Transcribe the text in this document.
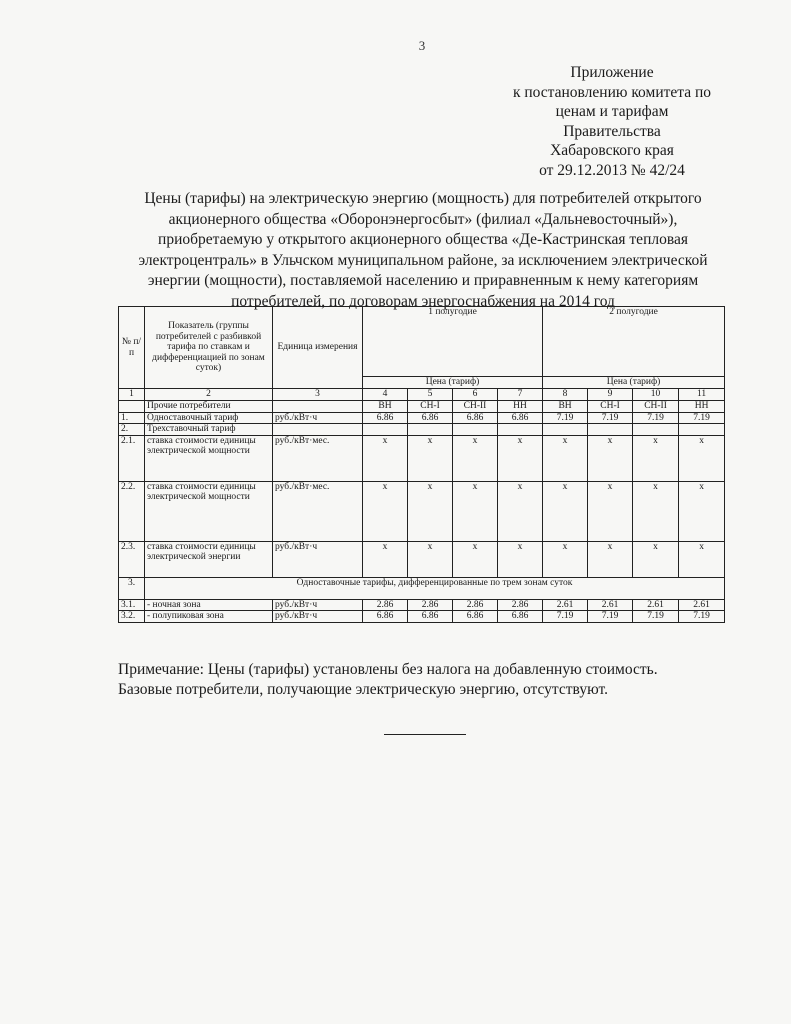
3
Приложение
к постановлению комитета по
ценам и тарифам
Правительства
Хабаровского края
от 29.12.2013 № 42/24
Цены (тарифы) на электрическую энергию (мощность) для потребителей открытого
акционерного общества «Оборонэнергосбыт» (филиал «Дальневосточный»),
приобретаемую у открытого акционерного общества «Де-Кастринская тепловая
электроцентраль» в Ульчском муниципальном районе, за исключением электрической
энергии (мощности), поставляемой населению и приравненным к нему категориям
потребителей, по договорам энергоснабжения на 2014 год
№ п/п	Показатель (группы потребителей с разбивкой тарифа по ставкам и дифференциацией по зонам суток)	Единица измерения	1 полугодие				2 полугодие			
			Цена (тариф)				Цена (тариф)			
1	2	3	4	5	6	7	8	9	10	11
	Прочие потребители		ВН	СН-I	СН-II	НН	ВН	СН-I	СН-II	НН
1.	Одноставочный тариф	руб./кВт·ч	6.86	6.86	6.86	6.86	7.19	7.19	7.19	7.19
2.	Трехставочный тариф									
2.1.	ставка стоимости единицы электрической мощности	руб./кВт·мес.	х	х	х	х	х	х	х	х
2.2.	ставка стоимости единицы электрической мощности	руб./кВт·мес.	х	х	х	х	х	х	х	х
2.3.	ставка стоимости единицы электрической энергии	руб./кВт·ч	х	х	х	х	х	х	х	х
3.	Одноставочные тарифы, дифференцированные по трем зонам суток									
3.1.	- ночная зона	руб./кВт·ч	2.86	2.86	2.86	2.86	2.61	2.61	2.61	2.61
3.2.	- полупиковая зона	руб./кВт·ч	6.86	6.86	6.86	6.86	7.19	7.19	7.19	7.19
Примечание: Цены (тарифы) установлены без налога на добавленную стоимость.
Базовые потребители, получающие электрическую энергию, отсутствуют.
